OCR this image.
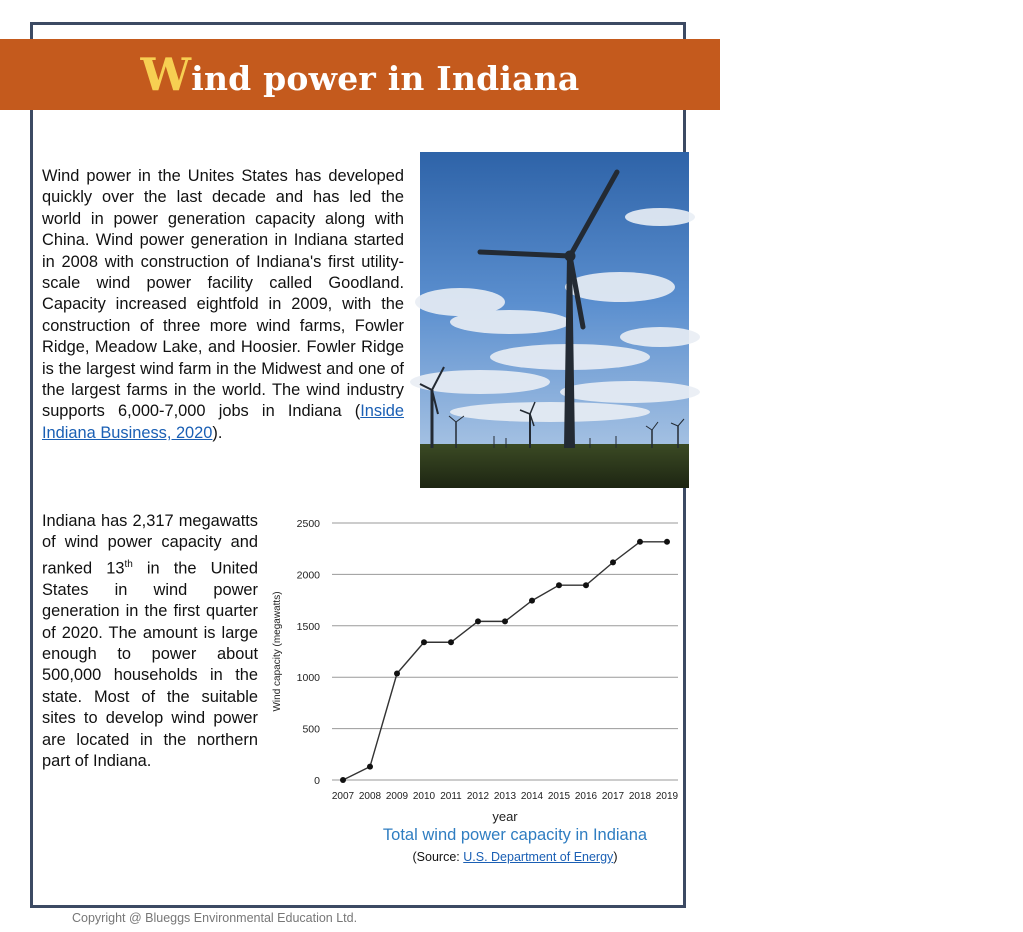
Wind power in Indiana

Wind power in the Unites States has developed quickly over the last decade and has led the world in power generation capacity along with China. Wind power generation in Indiana started in 2008 with construction of Indiana's first utility-scale wind power facility called Goodland. Capacity increased eightfold in 2009, with the construction of three more wind farms, Fowler Ridge, Meadow Lake, and Hoosier. Fowler Ridge is the largest wind farm in the Midwest and one of the largest farms in the world. The wind industry supports 6,000-7,000 jobs in Indiana (Inside Indiana Business, 2020).

Fowler Ridge wind farm, IN

Indiana has 2,317 megawatts of wind power capacity and ranked 13th in the United States in wind power generation in the first quarter of 2020. The amount is large enough to power about 500,000 households in the state. Most of the suitable sites to develop wind power are located in the northern part of Indiana.

0
500
1000
1500
2000
2500
2007 2008 2009 2010 2011 2012 2013 2014 2015 2016 2017 2018 2019
year
Wind capacity (megawatts)
Total wind power capacity in Indiana
(Source: U.S. Department of Energy)
Copyright @ Blueggs Environmental Education Ltd.
